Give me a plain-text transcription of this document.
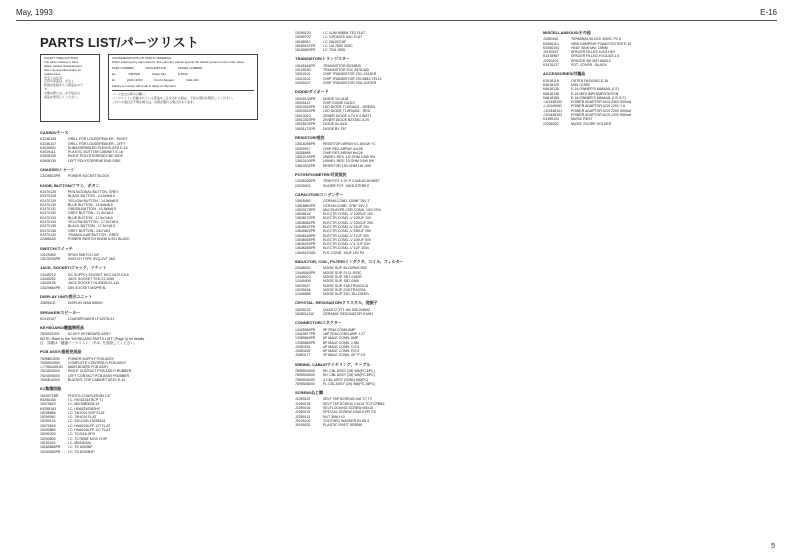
May, 1993	E-16
PARTS LIST/パーツリスト
SAFETY PRECAUTIONS
The parts marked ⚠ have
safety related characteristics.
Use only described parts for
replacement.
安全上の注意：
⚠印の部品は、安全上
特別な性能をもつ部品なので
す。
交換の際には、必ず指定の
部品を使用してください。
CONSIDERATIONS ON PARTS ORDERING
When ordering any parts listed in this parts list, please specify the following items in the order sheet.
PART NUMBER	DESCRIPTION	MODEL NUMBER
Ex.	2487600	Sharp Kits	E-6000
EI	2241C1000	Knob changed	CHG-100
Failure to comply will result in delay of shipment.
パーツ注文の際のお願い
パーツリストに記載されている部品をご注文される時は、下記の項目を明記してください。
これらの項目が不明な場合は、出荷が遅れる場合があります。
CASING/ケース
K2246108	GRILL FOR LOUDSPEAKER - RIGHT
K2246107	GRILL FOR LOUDSPEAKER - LEFT
K2026501	SUBASSEMBLED PLEXIGLASS E-16
K2019111	PLASTIC BOTTOM CABINET E-16
K2608109	RIGHT POLYSTERENE END SIDE
K2608139	LEFT POLYSTERENE END SIDE
CHASSIS/シャーシ
13425623PR	POWER SOCKET BLOCK
KNOB, BUTTON/ツマミ、ボタン
K2470125	PENTAGONAL BUTTON, GREY
K2470128	BLACK BUTTON - 14.5x5x8.5
K2470129	YELLOW BUTTON - 14.5x5x8.5
K2470130	BLUE BUTTON - 14.5x5x8.5
K2470131	GREEN BUTTON - 14.5x5x8.5
K2470132	GREY BUTTON - 17.5x7x8.5
K2470133	BLUE BUTTON - 17.5x7x8.5
K2470134	YELLOW BUTTON - 17.5x7x8.5
K2470135	BLACK BUTTON - 17.5x7x8.5
K2470136	GREY BUTTON - 24x7x8.5
K2470120	TRIANGULAR BUTTON - GREY
22485183	POWER SWITCH KNOB N.001 BLACK
SWITCH/スイッチ
13129069	SPUN SWITCH 10F
13129763PR	SWITCH TYPE SVQ-2VT 05G
JACK, SOCKET/ジャック、ソケット
13449713	DC SUPPLY SOCKET HEC-0470-0115
13449252	JACK SOCKET YKD 21-1006
13449135	JACK SOCKET HLJ0525-01-110
13429664PR	DIN SOCKET MS/PR 8L
DISPLAY UNIT/表示ユニット
J0609102	DISPLAY MAN 8960H
SPEAKER/スピーカー
K0419107	LOUDSPEAKER LF12078-01
KEYBOARD/鍵盤関係品
7620921000	61-KEY KEYBOARD ASSY
NOTE: Refer to the "KEYBOARD PARTS LIST" (Page 3) for details.
注：詳細は「鍵盤パーツリスト」（P.3）を参照してください。
PCB ASSY/基板完成品
7695B03000	POWER SUPPLY PCB ASSY
7695S02000	COMPLETE CONTROLS PCB ASSY
⚠7786440100	MAIN BOARD PCB ASSY
7624S04000	RIGHT CONTACT PCB ASSY+RUBBER
7624S05000	LEFT CONTACT PCB ASSY+RUBBER
7695B10000	BUZZER, TOP CABINET ASSY E-16
IC/集積回路
1520971BR	PHOTO-COUPLER 6N 137
K5258164	I.C. HN 62334 BCP 71
15479623	I.C. MB 8380008-15
K5258163	I.C. HD6433028SHF
15258886	I.C. 74HC04 SOP FLAT
15259061	I.C. 74HC04 FLAT
15259124	I.C. 93C1000-15259124
15270615	I.C. HM6226LFP-12T FLAT
15290854	I.C. HM6226LFP-11T FLAT
15290029	I.C. TC4116-GFH
15290804	I.C. TC7836F MOS CHIP
15191163	I.C. MB1503AL
15160866PR	I.C. TD 6200NP
15160060PR	I.C. TD 6200N4P
15289120	I.C. NJM 4558M-TE3 FLAT
15289702	I.C. UPD6376 DAC FLAT
15188910	I.C. BA15218F
15180167PR	I.C. UA 7805 3C5C
15180600PR	I.C. TDA 1905
TRANSISTOR/トランジスター
15118164PR	TRANSISTOR BC548-B
15129150	TRANSISTOR 2SC 2878-A/B
15310101	CHIP TRANSISTOR 2SC-2412KR
15310102	CHIP TRANSISTOR 2SC2883-TEL12
15330107	CHIP TRANSISTOR 2SA-1037KR
DIODE/ダイオード
15018133PR	DIODE 1N-4148
15309113	CHIP DIODE DA119
15323023PR	LED DIODE TLHS4401 - GREEN
15323024PR	LED DIODE TLHR4401 - RED
15013310	ZENER DIODE 4.7V 0.4 WATT
15013323PR	ZENER DIODE BZX55C 6.2V
15018109PR	DIODE IN-4001
15031172PR	DIODE BY 257
RESISTOR/抵抗
13518256PR	RESISTOR ARRAY 6 L.8k/1W +C
15309917	CHIP RES.ARRAY 4x10K
15308985	CHIP RES.ARRAY 8x10K
13510153PR	UNINFL.RES. 1/2 OHM 0.6W 5%
13510100PR	UNINFL.RES. 10 OHM 0.6W 5%
13610032PR	RESISTOR 150 OHM 1W 10%
POTENTIOMETER/可変抵抗
13336205PR	TRIM POT 4.7K P 3.5x8-HCS/HMET
23339001	SLIDER POT. 10KB STEREO
CAPACITOR/コンデンサー
13918450	CERAM.COND. 100NF 25V Z
13518800PR	CERAM.COND. 47NF 25V Z
13520175PR	MULTILAYER CER.COND. 100+20%
13638144	ELECTR.COND.-V 1000UF 16V
13638170PR	ELECTR.COND.-V 100UF 10V
13638061PR	ELECTR.COND.-V 2200UF 25V
13638167PR	ELECTR.COND.-V 22UF 25V
13649622PR	ELECTR.COND.-V 330UF 25V
13638169PR	ELECTR.COND.-V 47UF 25V
13638045PR	ELECTR.COND.-V 100UF 50V
13639233PR	ELECTR.COND.-V 4.7UF 63V
13638255PR	ELECTR.COND.-V 1UF 100V
13649103UD	POL.COND. 10UF 16V P5
INDUCTOR, COIL, FILTER/インダクタ、コイル、フィルター
22448240	NOISE SUP. BLO2RN2-R62
13449062PR	NOISE SUP. PL11-R03C
12449070	NOISE SUP. SBT-0160R
12449408	NOISE SUP. SBT-0460
15209157	NOISE SUP. EUKTR0001CA
15209156	NOISE SUP. EUKTR1003A
12449566	NOISE SUP. ESC-SLLDR30V
CRYSTAL, RESONATOR/クリスタル、発振子
15209132	QUARTZ XTL.HA-538-20MHZ
15289112W	CERAMIC RESONATOR 8 MHZ
CONNECTOR/コネクター
13425065PR	9P PEM.CONN.AMP
13419677PR	18P FEM.CONN.AMP 1.27
13389649PR	6P MALE CONN. AMP
13389654PR	8P MALE CONN. 2.5M
J3450153	4P MALE CONN. C/2.5
J3450159	6P MALE CONN. P/2.5
J3450177	2P MALE CONN. 90° P 2.5
WIRING, CABLE/ワイヤリング、ケーブル
7695S04000	5H. CBL ASSY (28) W6(PC-6PC)
7695S05000	5H. CBL ASSY (28) W6(PC-8PC)
7695S06000	4-CBL ASSY (30/80) W6(PC)
7695S08000	FL.CBL ASSY (28) W8(PC-16PC)
SCREW/ねじ類
J2289122	SELF TAP.SCREW2.2x6 TC TC
J2289125	SELF TAP.SCREW 2.9x13 TC/TCPBBZ
J2289106	SELFLOCKING SCREW M3x10
J2289115	SPECIAL SCREW 3.5x9.5 PR T.8
J2289113	NUT 3MA H.3
J0135102	TOOTHED WASHER IN.I/D.3
J0159102	PLASTIC RIVET SR8065
MISCELLANEOUS/その他
J3450162	TERMINAL BLOCK 4000C P2.5
K2596114	VIBR.DAMPING FOAM FOOTER E-16
K2456104	HEAT SINK MM. 15MM
J2190157	SPACER FILLED H.8.8 HEX
K2478967	SPACER FILLED H.5.8-6/3.1.5
J2250101	SPACER 3M XM7.8/6012
K2478127	POT. COVER - BLACK
ACCESSORIES/付属品
K2618118	OUTER PACKING E-16
K6618120	MIDI GUIDE
K6618126	E-16 OWNER'S MANUAL (I-E)
K6618136	E-16 MIDI IMPLEMENTATION
K6618156	E-16 OWNER'S MANUAL (I-E-S-F)
⚠K2448102	POWER ADAPTOR ACN 240V 500mA
⚠J2449060	POWER ADAPTOR ACN 120V 1 A
⚠K2448101	POWER ADAPTOR ACN 220V 500mA
⚠K2448103	POWER ADAPTOR ACN 120V 500mA
K3199102	MUSIC REST
22208320	MUSIC SCORE HOLDER
5
